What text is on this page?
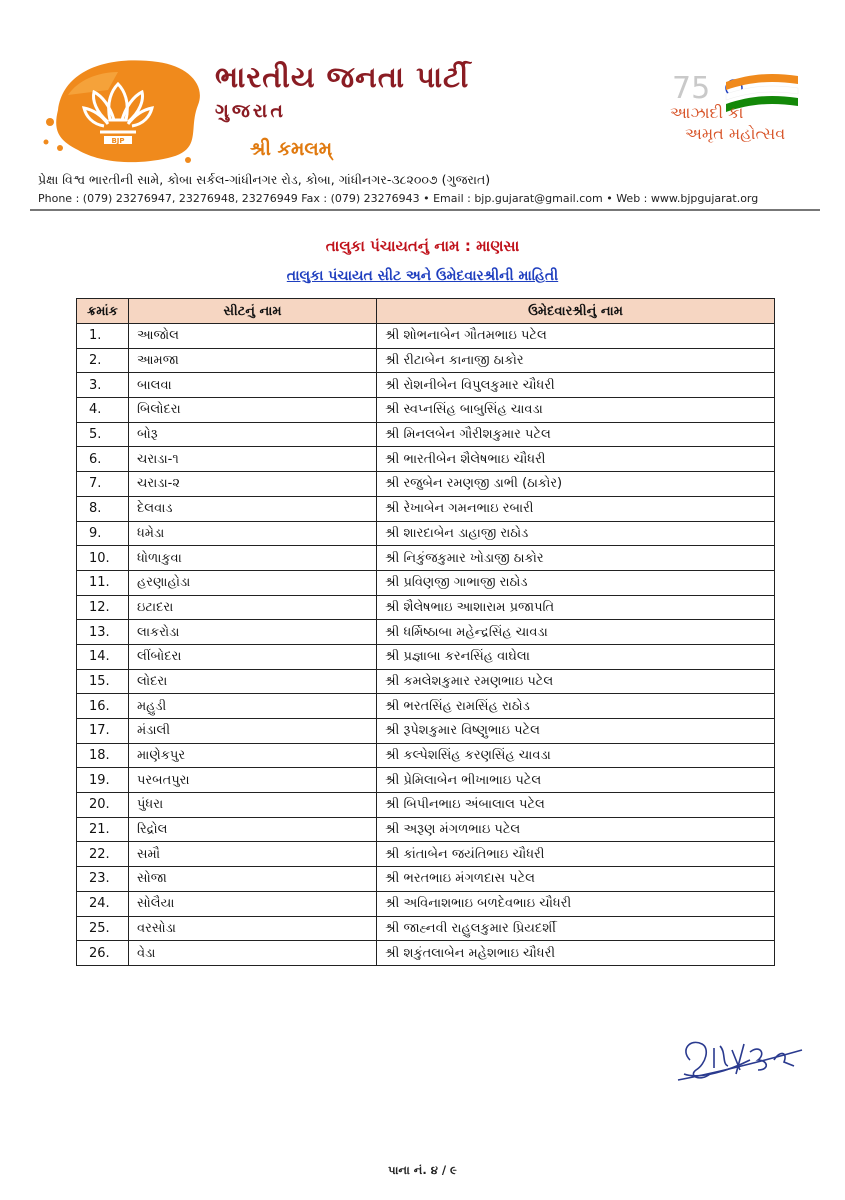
BJP
ભારતીય જનતા પાર્ટી
ગુજરાત
શ્રી કમલમ્
75
આઝાદી કા
અમૃત મહોત્સવ
પ્રેક્ષા વિશ્વ ભારતીની સામે, કોબા સર્કલ-ગાંધીનગર રોડ, કોબા, ગાંધીનગર-૩૮૨૦૦૭ (ગુજરાત)
Phone : (079) 23276947, 23276948, 23276949 Fax : (079) 23276943 • Email : bjp.gujarat@gmail.com • Web : www.bjpgujarat.org
તાલુકા પંચાયતનું નામ : માણસા
તાલુકા પંચાયત સીટ અને ઉમેદવારશ્રીની માહિતી
ક્રમાંક	સીટનું નામ	ઉમેદવારશ્રીનું નામ
1.	આજોલ	શ્રી શોભનાબેન ગૌતમભાઇ પટેલ
2.	આમજા	શ્રી રીટાબેન કાનાજી ઠાકોર
3.	બાલવા	શ્રી રોશનીબેન વિપુલકુમાર ચૌધરી
4.	બિલોદરા	શ્રી સ્વપ્નસિંહ બાબુસિંહ ચાવડા
5.	બોરૂ	શ્રી મિનલબેન ગૌરીશકુમાર પટેલ
6.	ચરાડા-૧	શ્રી ભારતીબેન શૈલેષભાઇ ચૌધરી
7.	ચરાડા-૨	શ્રી રજુબેન રમણજી ડાભી (ઠાકોર)
8.	દેલવાડ	શ્રી રેખાબેન ગમનભાઇ રબારી
9.	ધમેડા	શ્રી શારદાબેન ડાહાજી રાઠોડ
10.	ધોળાકુવા	શ્રી નિકુંજકુમાર ખોડાજી ઠાકોર
11.	હરણાહોડા	શ્રી પ્રવિણજી ગાભાજી રાઠોડ
12.	ઇટાદરા	શ્રી શૈલેષભાઇ આશારામ પ્રજાપતિ
13.	લાકરોડા	શ્રી ધર્મિષ્ઠાબા મહેન્દ્રસિંહ ચાવડા
14.	લીંબોદરા	શ્રી પ્રજ્ઞાબા કરનસિંહ વાઘેલા
15.	લોદરા	શ્રી કમલેશકુમાર રમણભાઇ પટેલ
16.	મહુડી	શ્રી ભરતસિંહ રામસિંહ રાઠોડ
17.	મંડાલી	શ્રી રૂપેશકુમાર વિષ્ણુભાઇ પટેલ
18.	માણેકપુર	શ્રી કલ્પેશસિંહ કરણસિંહ ચાવડા
19.	પરબતપુરા	શ્રી પ્રેમિલાબેન ભીખાભાઇ પટેલ
20.	પુંધરા	શ્રી બિપીનભાઇ અંબાલાલ પટેલ
21.	રિદ્રોલ	શ્રી અરૂણ મંગળભાઇ પટેલ
22.	સમૌ	શ્રી કાંતાબેન જયંતિભાઇ ચૌધરી
23.	સોજા	શ્રી ભરતભાઇ મંગળદાસ પટેલ
24.	સોલૈયા	શ્રી અવિનાશભાઇ બળદેવભાઇ ચૌધરી
25.	વરસોડા	શ્રી જાહ્નવી રાહુલકુમાર પ્રિયદર્શી
26.	વેડા	શ્રી શકુંતલાબેન મહેશભાઇ ચૌધરી
ઓ.મ્ ૧૮/૧૨
પાના નં. ૪ / ૯
